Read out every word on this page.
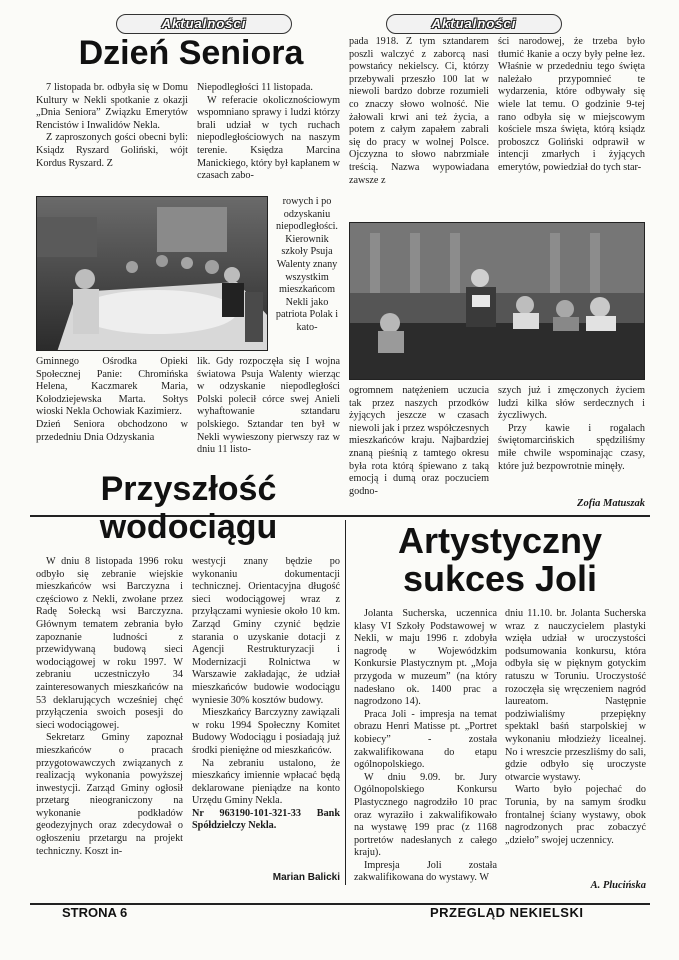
Aktualności	Aktualności
Dzień Seniora

7 listopada br. odbyła się w Domu Kultury w Nekli spotkanie z okazji „Dnia Seniora” Związku Emerytów Rencistów i Inwalidów Nekla.

Z zaproszonych gości obecni byli: Ksiądz Ryszard Goliński, wójt Kordus Ryszard. Z

Niepodległości 11 listopada.

W referacie okolicznościowym wspomniano sprawy i ludzi którzy brali udział w tych ruchach niepodległościowych na naszym terenie. Księdza Marcina Manickiego, który był kapłanem w czasach zabo-

rowych i po odzyskaniu niepodległości. Kierownik szkoły Psuja Walenty znany wszystkim mieszkańcom Nekli jako patriota Polak i kato-

Gminnego Ośrodka Opieki Społecznej Panie: Chromińska Helena, Kaczmarek Maria, Kołodziejewska Marta. Sołtys wioski Nekla Ochowiak Kazimierz.

Dzień Seniora obchodzono w przededniu Dnia Odzyskania

lik. Gdy rozpoczęła się I wojna światowa Psuja Walenty wierząc w odzyskanie niepodległości Polski polecił córce swej Anieli wyhaftowanie sztandaru polskiego. Sztandar ten był w Nekli wywieszony pierwszy raz w dniu 11 listo-

pada 1918. Z tym sztandarem poszli walczyć z zaborcą nasi powstańcy nekielscy. Ci, którzy przebywali przeszło 100 lat w niewoli bardzo dobrze rozumieli co znaczy słowo wolność. Nie żałowali krwi ani też życia, a potem z całym zapałem zabrali się do pracy w wolnej Polsce. Ojczyzna to słowo nabrzmiałe treścią. Nazwa wypowiadana zawsze z

ści narodowej, że trzeba było tłumić łkanie a oczy były pełne łez. Właśnie w przededniu tego święta należało przypomnieć te wydarzenia, które odbywały się wiele lat temu. O godzinie 9-tej rano odbyła się w miejscowym kościele msza święta, którą ksiądz proboszcz Goliński odprawił w intencji zmarłych i żyjących emerytów, powiedział do tych star-

ogromnem natężeniem uczucia tak przez naszych przodków żyjących jeszcze w czasach niewoli jak i przez współczesnych mieszkańców kraju. Najbardziej znaną pieśnią z tamtego okresu była rota którą śpiewano z taką emocją i dumą oraz poczuciem godno-

szych już i zmęczonych życiem ludzi kilka słów serdecznych i życzliwych.

Przy kawie i rogalach świętomarcińskich spędziliśmy miłe chwile wspominając czasy, które już bezpowrotnie minęły.

Zofia Matuszak
Przyszłość
wodociągu

W dniu 8 listopada 1996 roku odbyło się zebranie wiejskie mieszkańców wsi Barczyzna i częściowo z Nekli, zwołane przez Radę Sołecką wsi Barczyzna. Głównym tematem zebrania było zapoznanie ludności z przewidywaną budową sieci wodociągowej w roku 1997. W zebraniu uczestniczyło 34 zainteresowanych mieszkańców na 53 deklarujących wcześniej chęć przyłączenia swoich posesji do sieci wodociągowej.

Sekretarz Gminy zapoznał mieszkańców o pracach przygotowawczych związanych z realizacją wykonania powyższej inwestycji. Zarząd Gminy ogłosił przetarg nieograniczony na wykonanie podkładów geodezyjnych oraz zdecydował o ogłoszeniu przetargu na projekt techniczny. Koszt in-

westycji znany będzie po wykonaniu dokumentacji technicznej. Orientacyjna długość sieci wodociągowej wraz z przyłączami wyniesie około 10 km. Zarząd Gminy czynić będzie starania o uzyskanie dotacji z Agencji Restrukturyzacji i Modernizacji Rolnictwa w Warszawie zakładając, że udział mieszkańców budowie wodociągu wyniesie 30% kosztów budowy.

Mieszkańcy Barczyzny zawiązali w roku 1994 Społeczny Komitet Budowy Wodociągu i posiadają już środki pieniężne od mieszkańców.

Na zebraniu ustalono, że mieszkańcy imiennie wpłacać będą deklarowane pieniądze na konto Urzędu Gminy Nekla.

Nr 963190-101-321-33 Bank Spółdzielczy Nekla.

Marian Balicki
Artystyczny
sukces Joli

Jolanta Sucherska, uczennica klasy VI Szkoły Podstawowej w Nekli, w maju 1996 r. zdobyła nagrodę w Wojewódzkim Konkursie Plastycznym pt. „Moja przygoda w muzeum” (na który nadesłano ok. 1400 prac a nagrodzono 14).

Praca Joli - impresja na temat obrazu Henri Matisse pt. „Portret kobiecy” - została zakwalifikowana do etapu ogólnopolskiego.

W dniu 9.09. br. Jury Ogólnopolskiego Konkursu Plastycznego nagrodziło 10 prac oraz wyraziło i zakwalifikowało na wystawę 199 prac (z 1168 portretów nadesłanych z całego kraju).

Impresja Joli została zakwalifikowana do wystawy. W

dniu 11.10. br. Jolanta Sucherska wraz z nauczycielem plastyki wzięła udział w uroczystości podsumowania konkursu, która odbyła się w pięknym gotyckim ratuszu w Toruniu. Uroczystość rozoczęła się wręczeniem nagród laureatom. Następnie podziwialiśmy przepiękny spektakl baśń starpolskiej w wykonaniu młodzieży licealnej. No i wreszcie przeszliśmy do sali, gdzie odbyło się uroczyste otwarcie wystawy.

Warto było pojechać do Torunia, by na samym środku frontalnej ściany wystawy, obok nagrodzonych prac zobaczyć „dzieło” swojej uczennicy.

A. Plucińska
STRONA 6	PRZEGLĄD NEKIELSKI
